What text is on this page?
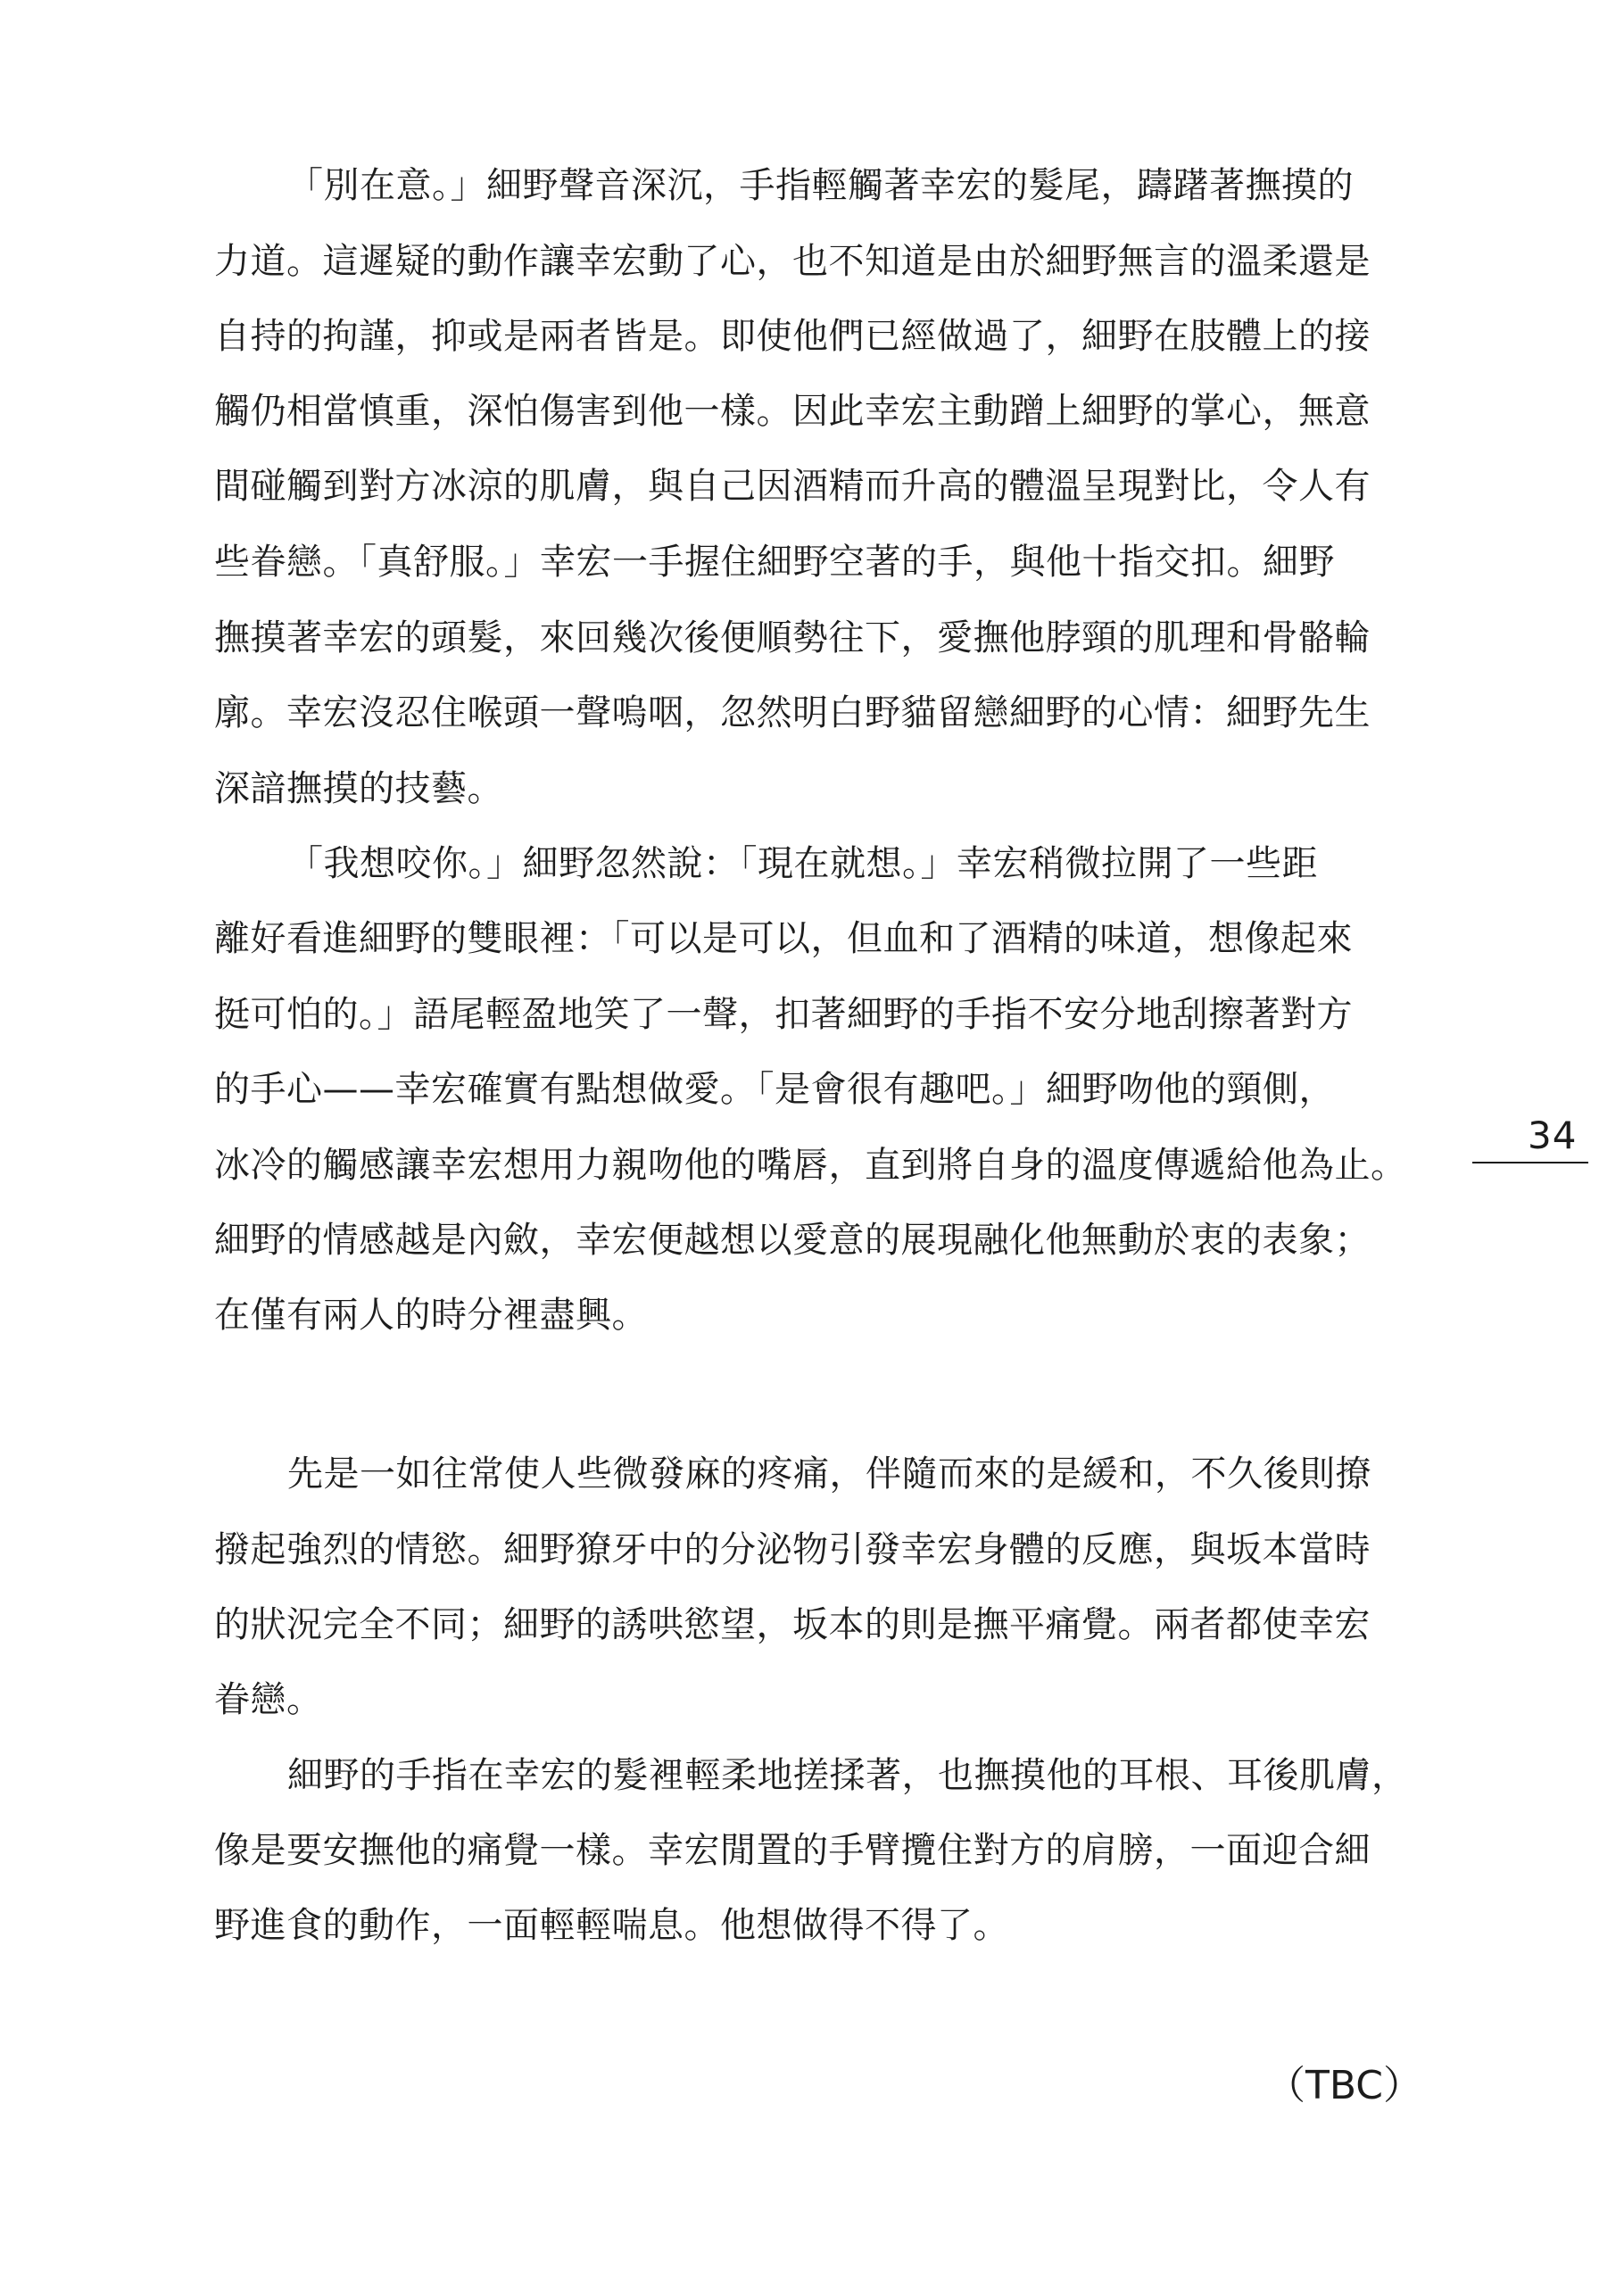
「別在意。」細野聲音深沉，手指輕觸著幸宏的髮尾，躊躇著撫摸的
力道。這遲疑的動作讓幸宏動了心，也不知道是由於細野無言的溫柔還是
自持的拘謹，抑或是兩者皆是。即使他們已經做過了，細野在肢體上的接
觸仍相當慎重，深怕傷害到他一樣。因此幸宏主動蹭上細野的掌心，無意
間碰觸到對方冰涼的肌膚，與自己因酒精而升高的體溫呈現對比，令人有
些眷戀。「真舒服。」幸宏一手握住細野空著的手，與他十指交扣。細野
撫摸著幸宏的頭髮，來回幾次後便順勢往下，愛撫他脖頸的肌理和骨骼輪
廓。幸宏沒忍住喉頭一聲嗚咽，忽然明白野貓留戀細野的心情：細野先生
深諳撫摸的技藝。
「我想咬你。」細野忽然說：「現在就想。」幸宏稍微拉開了一些距
離好看進細野的雙眼裡：「可以是可以，但血和了酒精的味道，想像起來
挺可怕的。」語尾輕盈地笑了一聲，扣著細野的手指不安分地刮擦著對方
的手心——幸宏確實有點想做愛。「是會很有趣吧。」細野吻他的頸側，
冰冷的觸感讓幸宏想用力親吻他的嘴唇，直到將自身的溫度傳遞給他為止。
細野的情感越是內斂，幸宏便越想以愛意的展現融化他無動於衷的表象；
在僅有兩人的時分裡盡興。
先是一如往常使人些微發麻的疼痛，伴隨而來的是緩和，不久後則撩
撥起強烈的情慾。細野獠牙中的分泌物引發幸宏身體的反應，與坂本當時
的狀況完全不同；細野的誘哄慾望，坂本的則是撫平痛覺。兩者都使幸宏
眷戀。
細野的手指在幸宏的髮裡輕柔地搓揉著，也撫摸他的耳根、耳後肌膚，
像是要安撫他的痛覺一樣。幸宏閒置的手臂攬住對方的肩膀，一面迎合細
野進食的動作，一面輕輕喘息。他想做得不得了。
34
（TBC）
